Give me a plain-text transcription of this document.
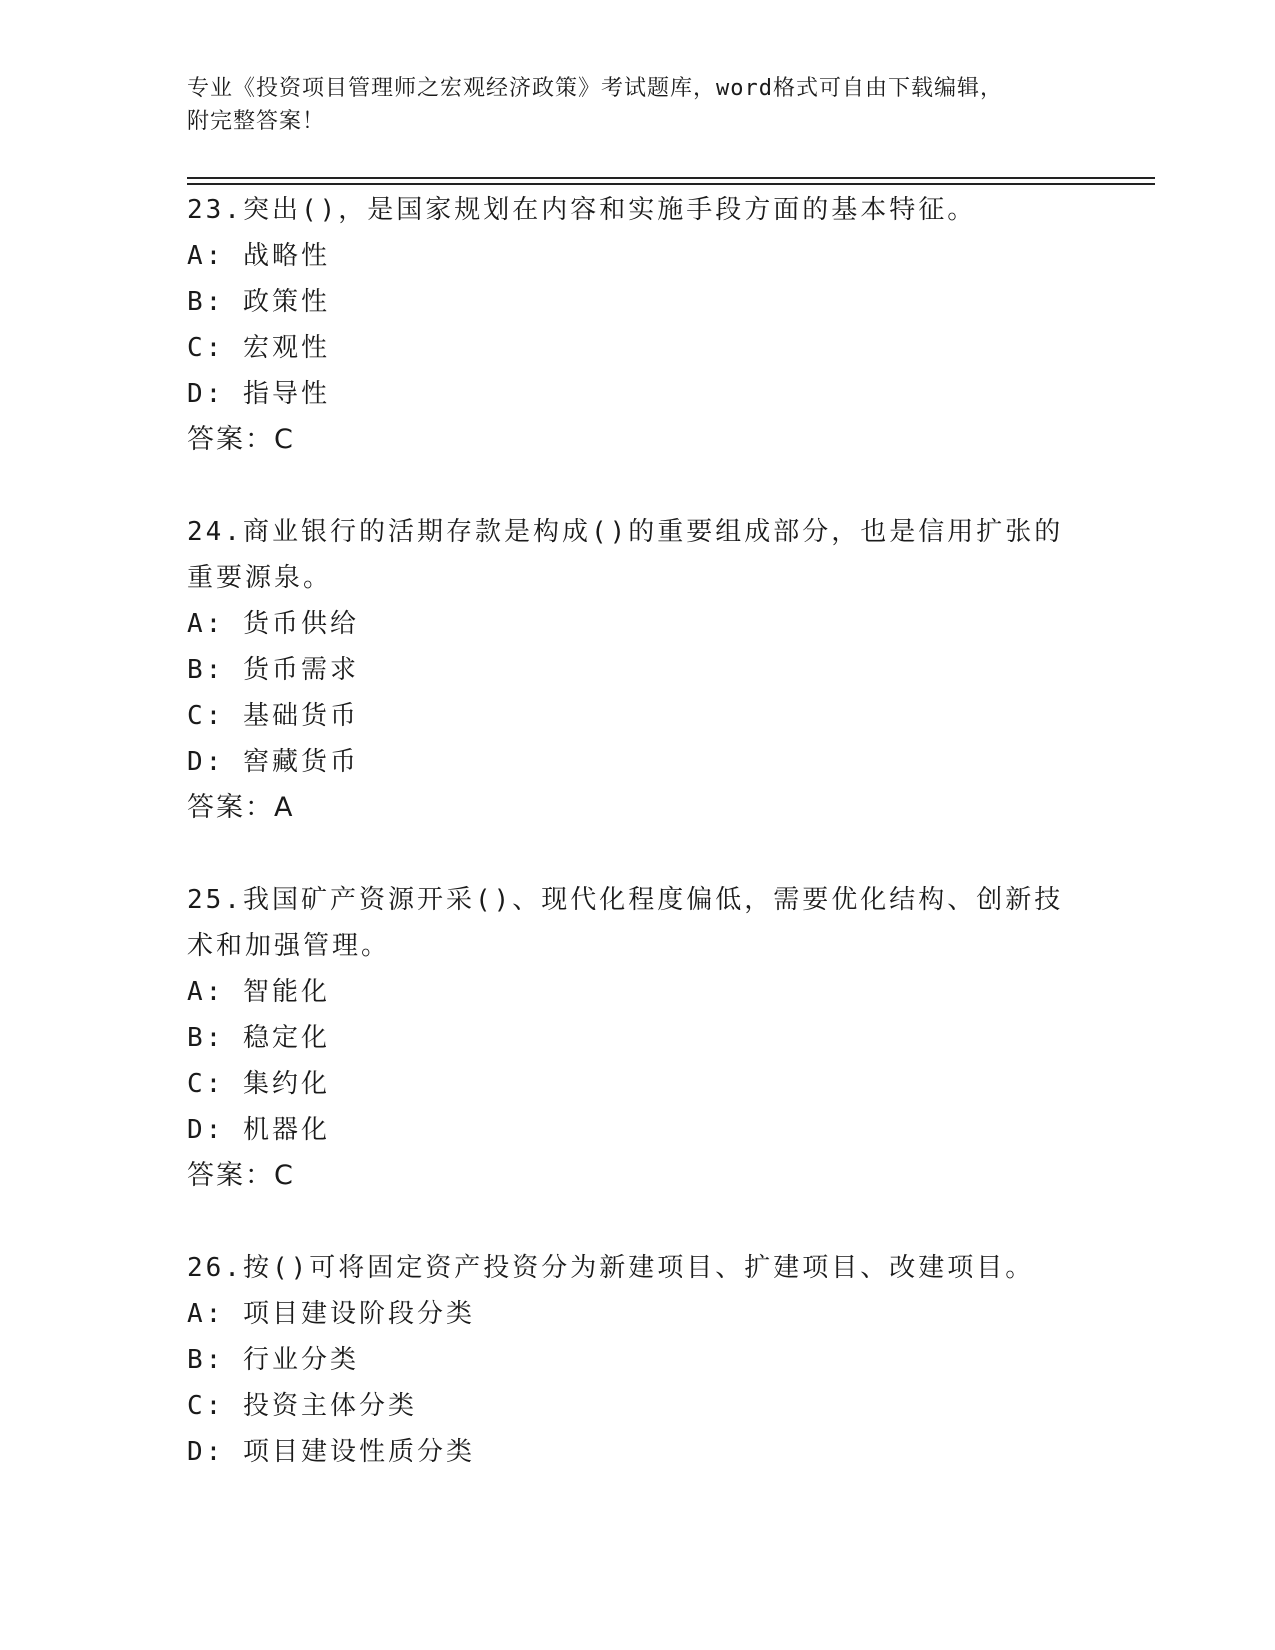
专业《投资项目管理师之宏观经济政策》考试题库，word格式可自由下载编辑，
附完整答案！

23.突出()，是国家规划在内容和实施手段方面的基本特征。

A: 战略性

B: 政策性

C: 宏观性

D: 指导性

答案：C

24.商业银行的活期存款是构成()的重要组成部分，也是信用扩张的重要源泉。

A: 货币供给

B: 货币需求

C: 基础货币

D: 窖藏货币

答案：A

25.我国矿产资源开采()、现代化程度偏低，需要优化结构、创新技术和加强管理。

A: 智能化

B: 稳定化

C: 集约化

D: 机器化

答案：C

26.按()可将固定资产投资分为新建项目、扩建项目、改建项目。

A: 项目建设阶段分类

B: 行业分类

C: 投资主体分类

D: 项目建设性质分类
